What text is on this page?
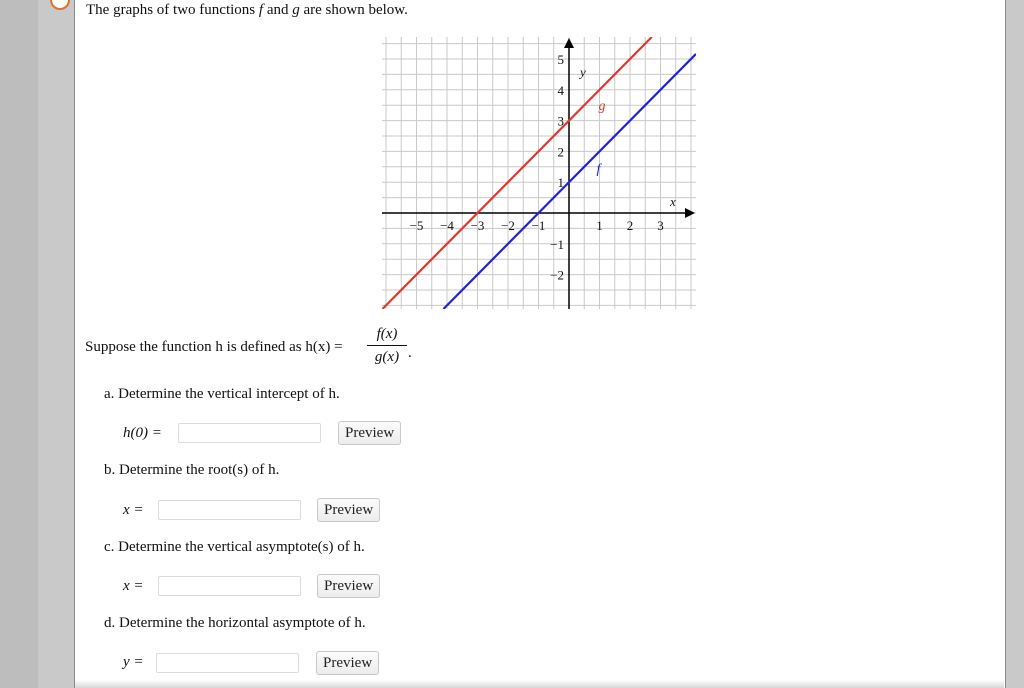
The graphs of two functions f and g are shown below.
−5 −4 −3 −2 −1	1 2 3
−2
−1
1
2
3
4
5
x
y
f
g
Suppose the function h is defined as h(x) =
f(x)
g(x) .
a. Determine the vertical intercept of h.
h(0) =	Preview
b. Determine the root(s) of h.
x =	Preview
c. Determine the vertical asymptote(s) of h.
x =	Preview
d. Determine the horizontal asymptote of h.
y =	Preview
